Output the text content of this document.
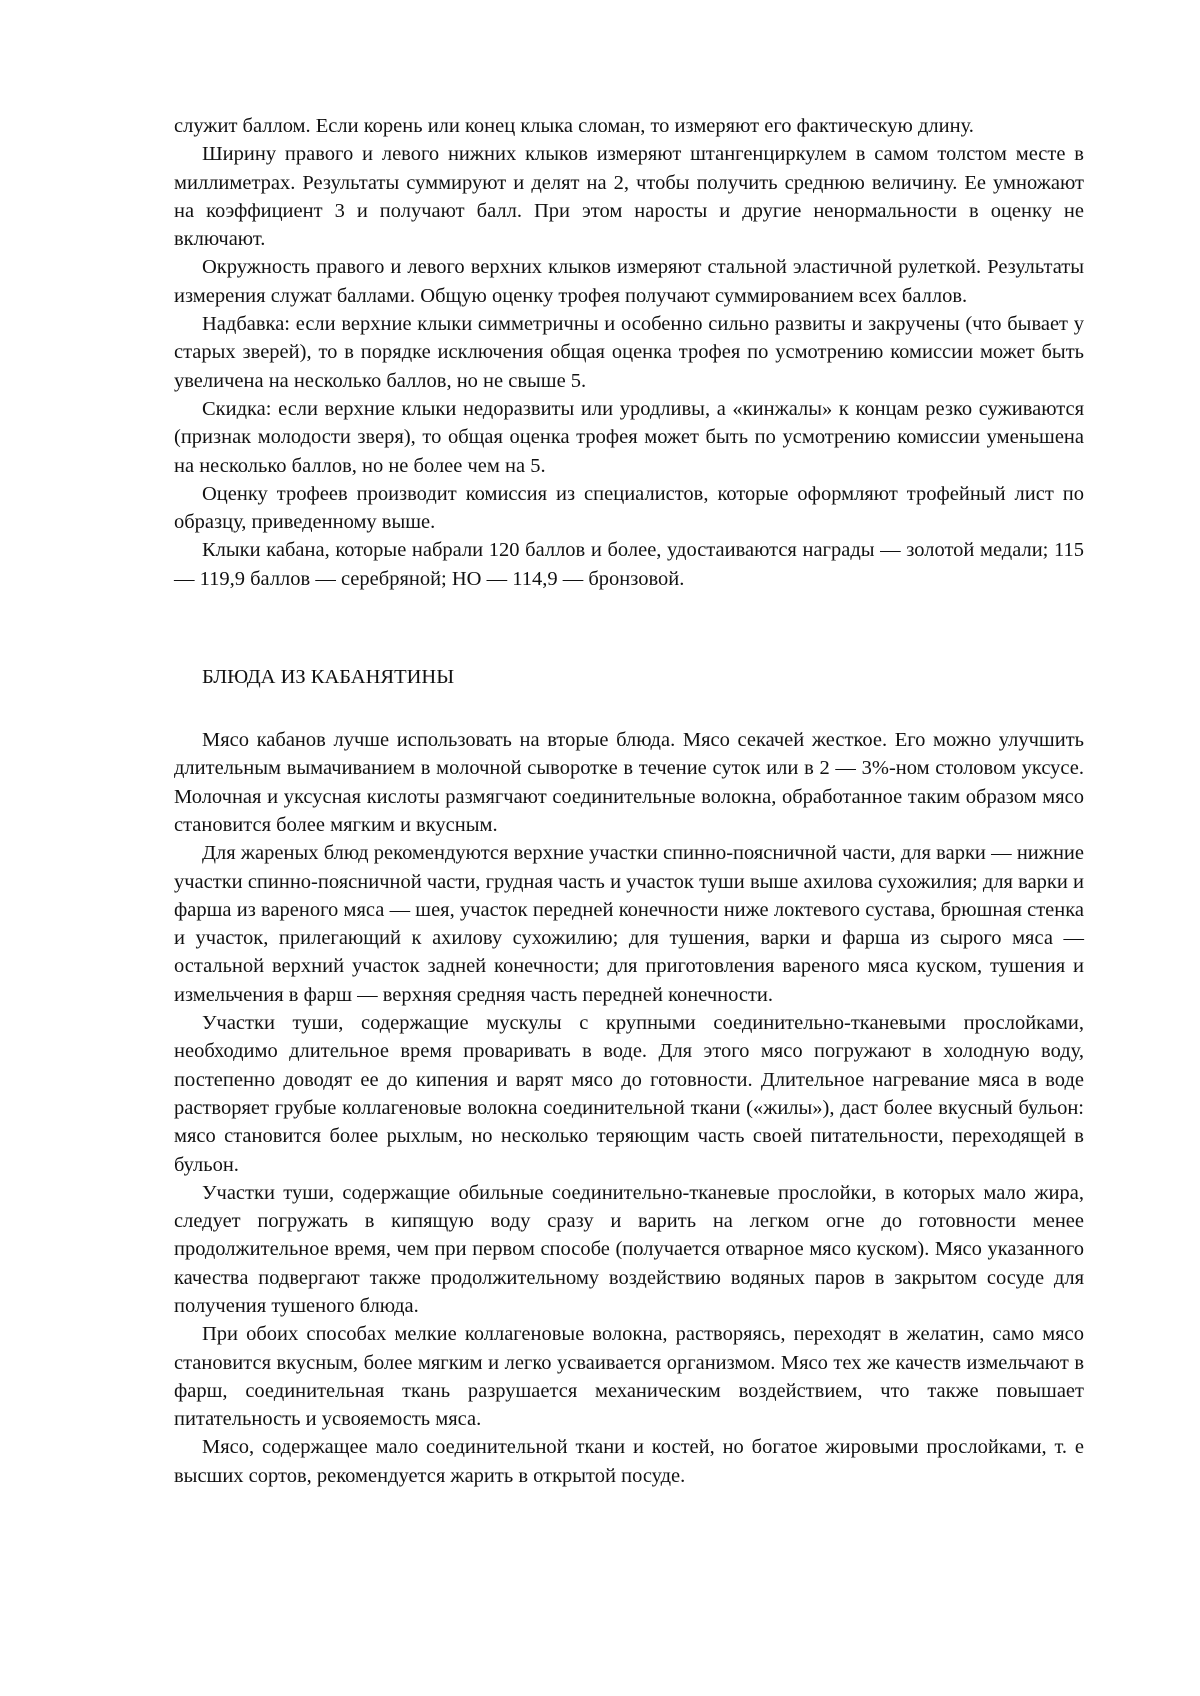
служит баллом. Если корень или конец клыка сломан, то измеряют его фактическую длину.

Ширину правого и левого нижних клыков измеряют штангенциркулем в самом толстом месте в миллиметрах. Результаты суммируют и делят на 2, чтобы получить среднюю величину. Ее умножают на коэффициент 3 и получают балл. При этом наросты и другие ненормальности в оценку не включают.

Окружность правого и левого верхних клыков измеряют стальной эластичной рулеткой. Результаты измерения служат баллами. Общую оценку трофея получают суммированием всех баллов.

Надбавка: если верхние клыки симметричны и особенно сильно развиты и закручены (что бывает у старых зверей), то в порядке исключения общая оценка трофея по усмотрению комиссии может быть увеличена на несколько баллов, но не свыше 5.

Скидка: если верхние клыки недоразвиты или уродливы, а «кинжалы» к концам резко суживаются (признак молодости зверя), то общая оценка трофея может быть по усмотрению комиссии уменьшена на несколько баллов, но не более чем на 5.

Оценку трофеев производит комиссия из специалистов, которые оформляют трофейный лист по образцу, приведенному выше.

Клыки кабана, которые набрали 120 баллов и более, удостаиваются награды — золотой медали; 115 — 119,9 баллов — серебряной; НО — 114,9 — бронзовой.

БЛЮДА ИЗ КАБАНЯТИНЫ

Мясо кабанов лучше использовать на вторые блюда. Мясо секачей жесткое. Его можно улучшить длительным вымачиванием в молочной сыворотке в течение суток или в 2 — 3%-ном столовом уксусе. Молочная и уксусная кислоты размягчают соединительные волокна, обработанное таким образом мясо становится более мягким и вкусным.

Для жареных блюд рекомендуются верхние участки спинно-поясничной части, для варки — нижние участки спинно-поясничной части, грудная часть и участок туши выше ахилова сухожилия; для варки и фарша из вареного мяса — шея, участок передней конечности ниже локтевого сустава, брюшная стенка и участок, прилегающий к ахилову сухожилию; для тушения, варки и фарша из сырого мяса — остальной верхний участок задней конечности; для приготовления вареного мяса куском, тушения и измельчения в фарш — верхняя средняя часть передней конечности.

Участки туши, содержащие мускулы с крупными соединительно-тканевыми прослойками, необходимо длительное время проваривать в воде. Для этого мясо погружают в холодную воду, постепенно доводят ее до кипения и варят мясо до готовности. Длительное нагревание мяса в воде растворяет грубые коллагеновые волокна соединительной ткани («жилы»), даст более вкусный бульон: мясо становится более рыхлым, но несколько теряющим часть своей питательности, переходящей в бульон.

Участки туши, содержащие обильные соединительно-тканевые прослойки, в которых мало жира, следует погружать в кипящую воду сразу и варить на легком огне до готовности менее продолжительное время, чем при первом способе (получается отварное мясо куском). Мясо указанного качества подвергают также продолжительному воздействию водяных паров в закрытом сосуде для получения тушеного блюда.

При обоих способах мелкие коллагеновые волокна, растворяясь, переходят в желатин, само мясо становится вкусным, более мягким и легко усваивается организмом. Мясо тех же качеств измельчают в фарш, соединительная ткань разрушается механическим воздействием, что также повышает питательность и усвояемость мяса.

Мясо, содержащее мало соединительной ткани и костей, но богатое жировыми прослойками, т. е высших сортов, рекомендуется жарить в открытой посуде.
